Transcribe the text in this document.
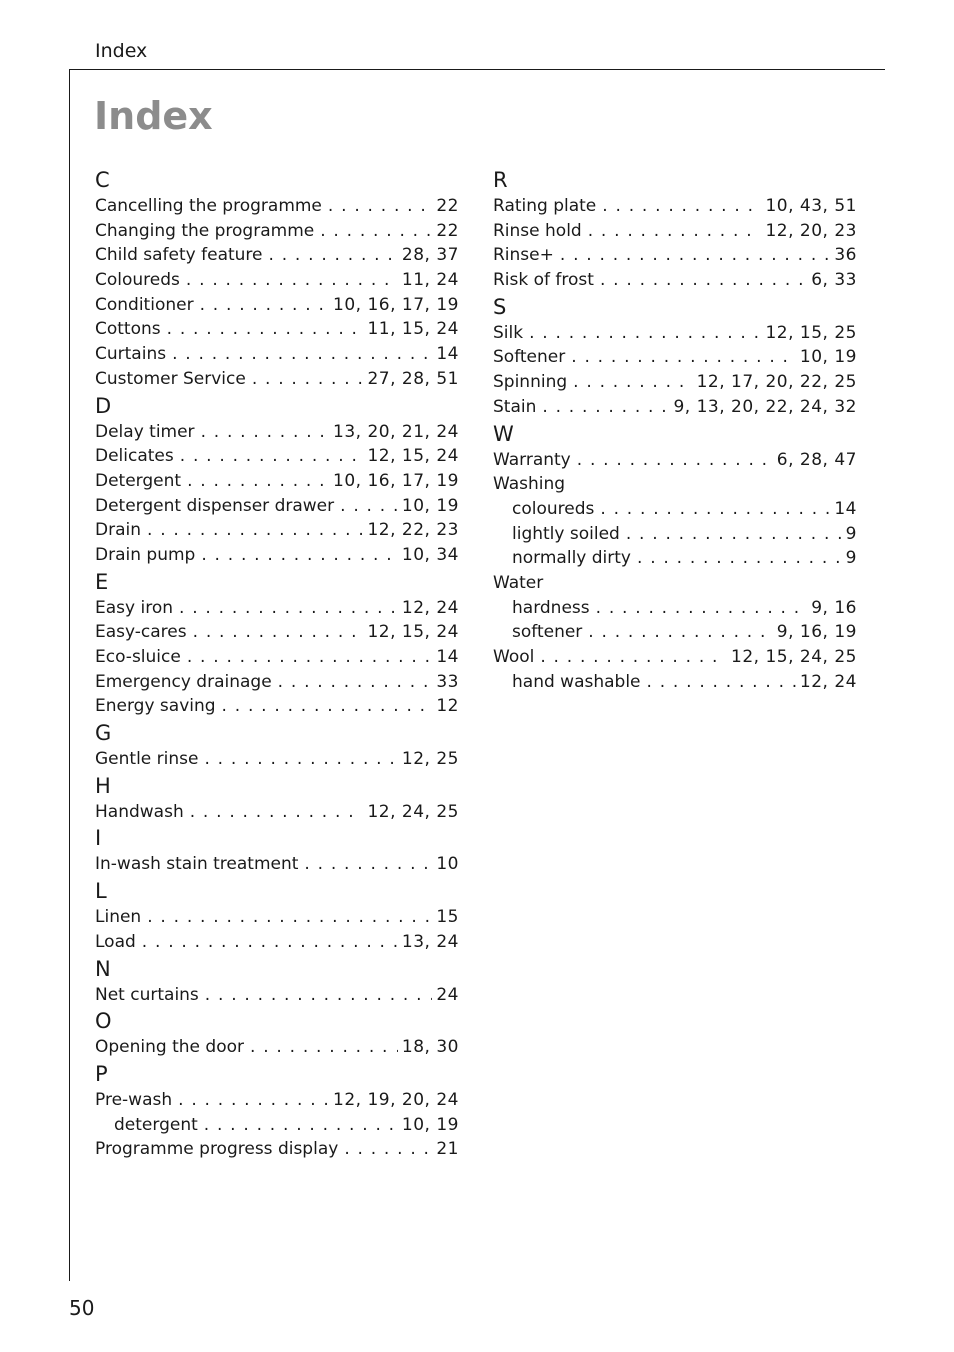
Index
Index
C
Cancelling the programme . . .	22
Changing the programme . . .	22
Child safety feature . . .	28, 37
Coloureds . . .	11, 24
Conditioner . . .	10, 16, 17, 19
Cottons . . .	11, 15, 24
Curtains . . .	14
Customer Service . . .	27, 28, 51
D
Delay timer . . .	13, 20, 21, 24
Delicates . . .	12, 15, 24
Detergent . . .	10, 16, 17, 19
Detergent dispenser drawer . . .	10, 19
Drain . . .	12, 22, 23
Drain pump . . .	10, 34
E
Easy iron . . .	12, 24
Easy-cares . . .	12, 15, 24
Eco-sluice . . .	14
Emergency drainage . . .	33
Energy saving . . .	12
G
Gentle rinse . . .	12, 25
H
Handwash . . .	12, 24, 25
I
In-wash stain treatment . . .	10
L
Linen . . .	15
Load . . .	13, 24
N
Net curtains . . .	24
O
Opening the door . . .	18, 30
P
Pre-wash . . .	12, 19, 20, 24
detergent . . .	10, 19
Programme progress display . . .	21
R
Rating plate . . .	10, 43, 51
Rinse hold . . .	12, 20, 23
Rinse+ . . .	36
Risk of frost . . .	6, 33
S
Silk . . .	12, 15, 25
Softener . . .	10, 19
Spinning . . .	12, 17, 20, 22, 25
Stain . . .	9, 13, 20, 22, 24, 32
W
Warranty . . .	6, 28, 47
Washing
coloureds . . .	14
lightly soiled . . .	9
normally dirty . . .	9
Water
hardness . . .	9, 16
softener . . .	9, 16, 19
Wool . . .	12, 15, 24, 25
hand washable . . .	12, 24
50
